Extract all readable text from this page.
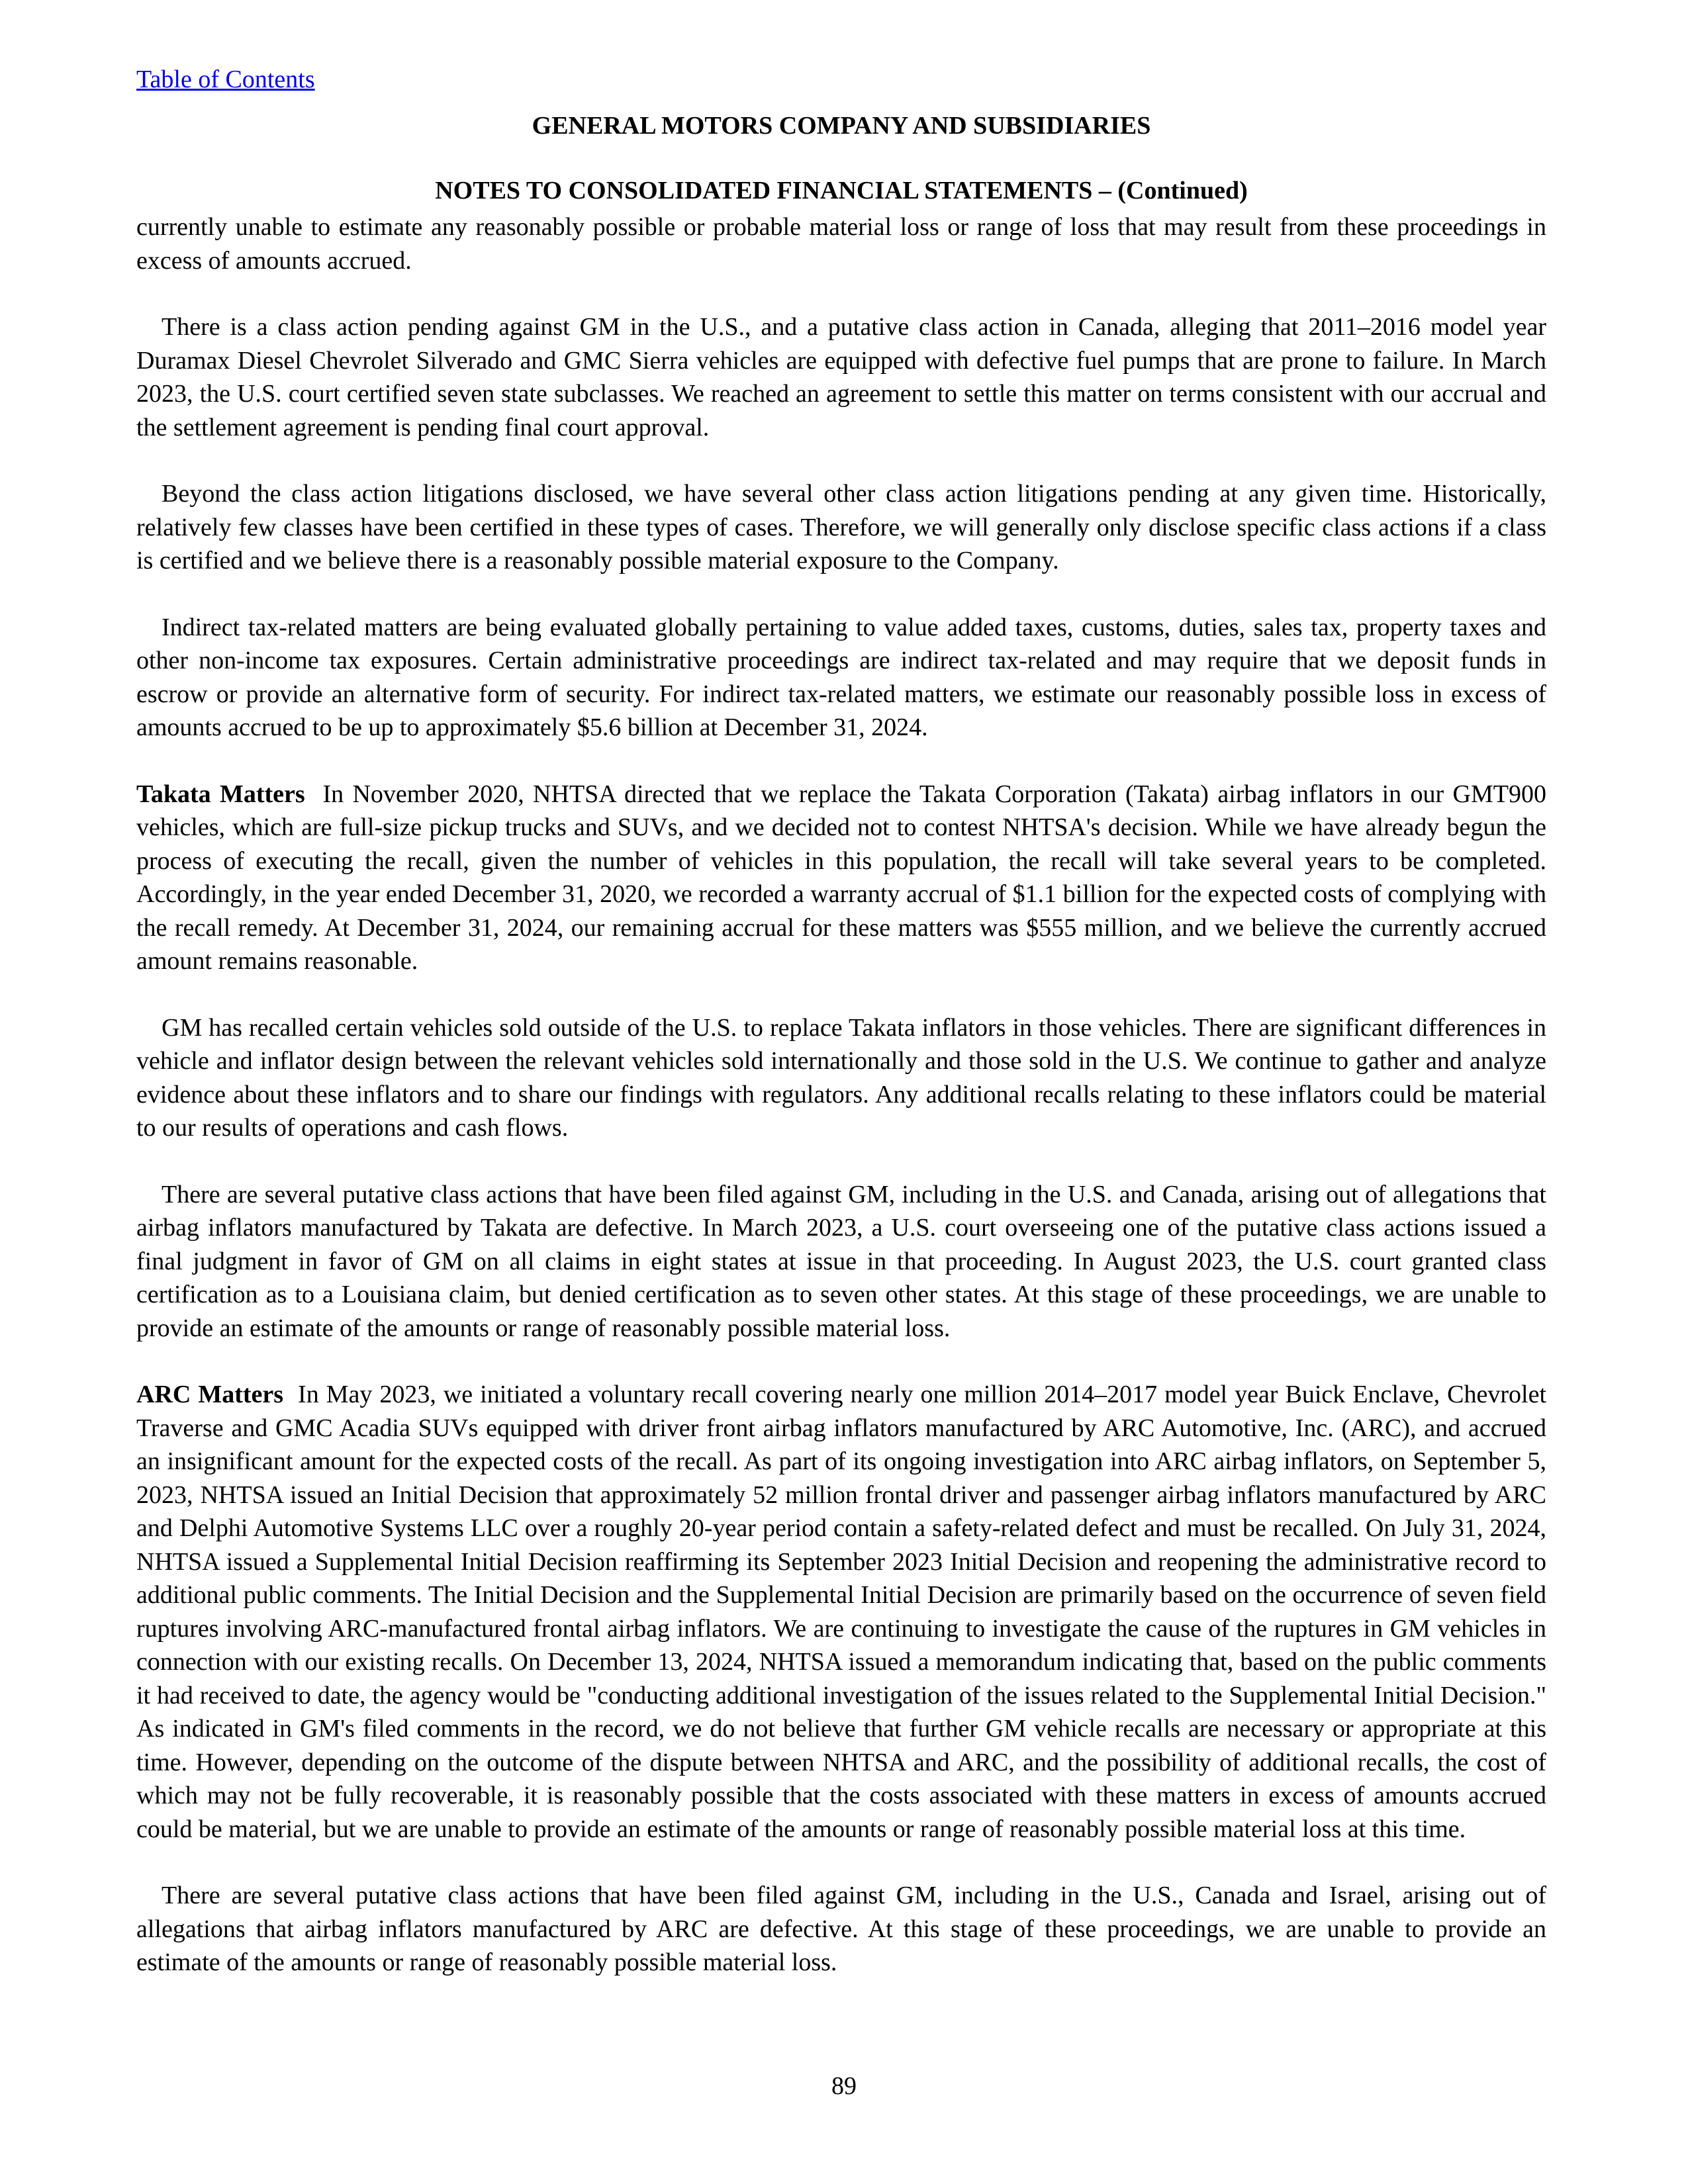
Table of Contents
GENERAL MOTORS COMPANY AND SUBSIDIARIES
NOTES TO CONSOLIDATED FINANCIAL STATEMENTS – (Continued)

currently unable to estimate any reasonably possible or probable material loss or range of loss that may result from these proceedings in excess of amounts accrued.

There is a class action pending against GM in the U.S., and a putative class action in Canada, alleging that 2011–2016 model year Duramax Diesel Chevrolet Silverado and GMC Sierra vehicles are equipped with defective fuel pumps that are prone to failure. In March 2023, the U.S. court certified seven state subclasses. We reached an agreement to settle this matter on terms consistent with our accrual and the settlement agreement is pending final court approval.

Beyond the class action litigations disclosed, we have several other class action litigations pending at any given time. Historically, relatively few classes have been certified in these types of cases. Therefore, we will generally only disclose specific class actions if a class is certified and we believe there is a reasonably possible material exposure to the Company.

Indirect tax-related matters are being evaluated globally pertaining to value added taxes, customs, duties, sales tax, property taxes and other non-income tax exposures. Certain administrative proceedings are indirect tax-related and may require that we deposit funds in escrow or provide an alternative form of security. For indirect tax-related matters, we estimate our reasonably possible loss in excess of amounts accrued to be up to approximately $5.6 billion at December 31, 2024.

Takata Matters In November 2020, NHTSA directed that we replace the Takata Corporation (Takata) airbag inflators in our GMT900 vehicles, which are full-size pickup trucks and SUVs, and we decided not to contest NHTSA's decision. While we have already begun the process of executing the recall, given the number of vehicles in this population, the recall will take several years to be completed. Accordingly, in the year ended December 31, 2020, we recorded a warranty accrual of $1.1 billion for the expected costs of complying with the recall remedy. At December 31, 2024, our remaining accrual for these matters was $555 million, and we believe the currently accrued amount remains reasonable.

GM has recalled certain vehicles sold outside of the U.S. to replace Takata inflators in those vehicles. There are significant differences in vehicle and inflator design between the relevant vehicles sold internationally and those sold in the U.S. We continue to gather and analyze evidence about these inflators and to share our findings with regulators. Any additional recalls relating to these inflators could be material to our results of operations and cash flows.

There are several putative class actions that have been filed against GM, including in the U.S. and Canada, arising out of allegations that airbag inflators manufactured by Takata are defective. In March 2023, a U.S. court overseeing one of the putative class actions issued a final judgment in favor of GM on all claims in eight states at issue in that proceeding. In August 2023, the U.S. court granted class certification as to a Louisiana claim, but denied certification as to seven other states. At this stage of these proceedings, we are unable to provide an estimate of the amounts or range of reasonably possible material loss.

ARC Matters In May 2023, we initiated a voluntary recall covering nearly one million 2014–2017 model year Buick Enclave, Chevrolet Traverse and GMC Acadia SUVs equipped with driver front airbag inflators manufactured by ARC Automotive, Inc. (ARC), and accrued an insignificant amount for the expected costs of the recall. As part of its ongoing investigation into ARC airbag inflators, on September 5, 2023, NHTSA issued an Initial Decision that approximately 52 million frontal driver and passenger airbag inflators manufactured by ARC and Delphi Automotive Systems LLC over a roughly 20-year period contain a safety-related defect and must be recalled. On July 31, 2024, NHTSA issued a Supplemental Initial Decision reaffirming its September 2023 Initial Decision and reopening the administrative record to additional public comments. The Initial Decision and the Supplemental Initial Decision are primarily based on the occurrence of seven field ruptures involving ARC-manufactured frontal airbag inflators. We are continuing to investigate the cause of the ruptures in GM vehicles in connection with our existing recalls. On December 13, 2024, NHTSA issued a memorandum indicating that, based on the public comments it had received to date, the agency would be "conducting additional investigation of the issues related to the Supplemental Initial Decision." As indicated in GM's filed comments in the record, we do not believe that further GM vehicle recalls are necessary or appropriate at this time. However, depending on the outcome of the dispute between NHTSA and ARC, and the possibility of additional recalls, the cost of which may not be fully recoverable, it is reasonably possible that the costs associated with these matters in excess of amounts accrued could be material, but we are unable to provide an estimate of the amounts or range of reasonably possible material loss at this time.

There are several putative class actions that have been filed against GM, including in the U.S., Canada and Israel, arising out of allegations that airbag inflators manufactured by ARC are defective. At this stage of these proceedings, we are unable to provide an estimate of the amounts or range of reasonably possible material loss.

89
